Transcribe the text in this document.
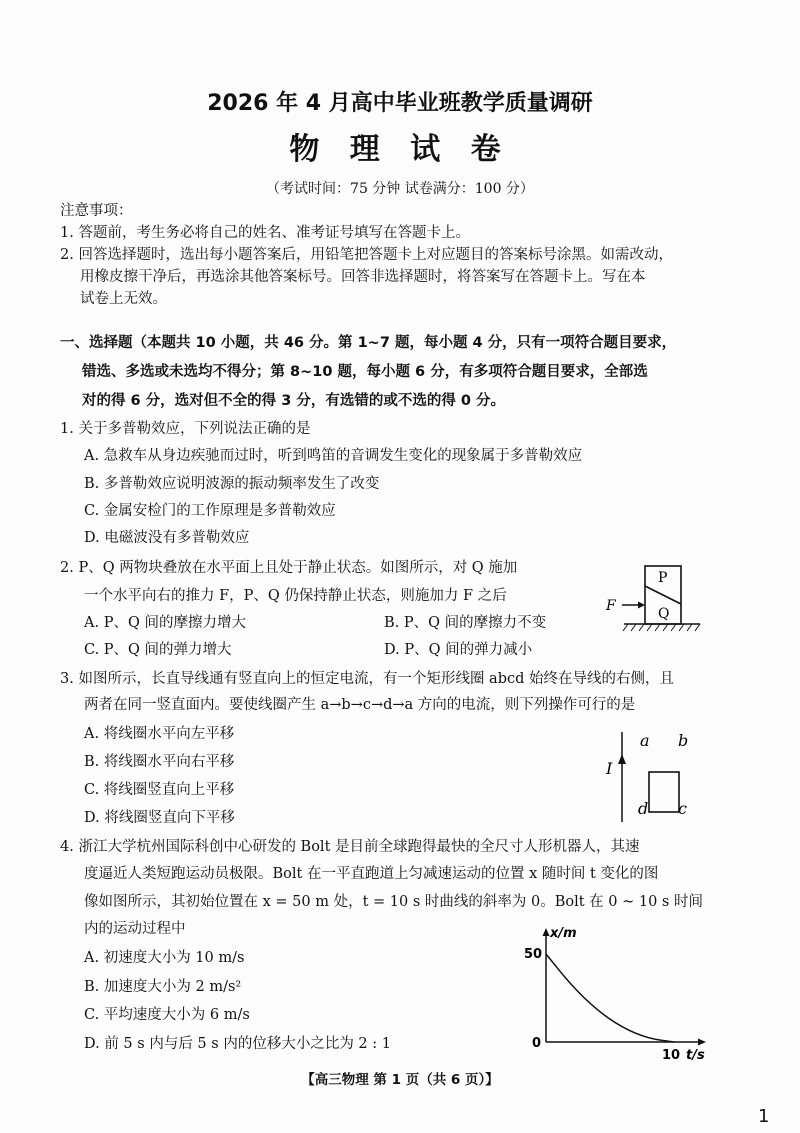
2026 年 4 月高中毕业班教学质量调研
物 理 试 卷
（考试时间：75 分钟 试卷满分：100 分）
注意事项：
1. 答题前，考生务必将自己的姓名、准考证号填写在答题卡上。
2. 回答选择题时，选出每小题答案后，用铅笔把答题卡上对应题目的答案标号涂黑。如需改动，
用橡皮擦干净后，再选涂其他答案标号。回答非选择题时，将答案写在答题卡上。写在本
试卷上无效。
一、选择题（本题共 10 小题，共 46 分。第 1~7 题，每小题 4 分，只有一项符合题目要求，
错选、多选或未选均不得分；第 8~10 题，每小题 6 分，有多项符合题目要求，全部选
对的得 6 分，选对但不全的得 3 分，有选错的或不选的得 0 分。
1. 关于多普勒效应，下列说法正确的是
A. 急救车从身边疾驰而过时，听到鸣笛的音调发生变化的现象属于多普勒效应
B. 多普勒效应说明波源的振动频率发生了改变
C. 金属安检门的工作原理是多普勒效应
D. 电磁波没有多普勒效应
2. P、Q 两物块叠放在水平面上且处于静止状态。如图所示，对 Q 施加
一个水平向右的推力 F，P、Q 仍保持静止状态，则施加力 F 之后
A. P、Q 间的摩擦力增大	B. P、Q 间的摩擦力不变
C. P、Q 间的弹力增大	D. P、Q 间的弹力减小
P
Q
F
3. 如图所示，长直导线通有竖直向上的恒定电流，有一个矩形线圈 abcd 始终在导线的右侧，且
两者在同一竖直面内。要使线圈产生 a→b→c→d→a 方向的电流，则下列操作可行的是
A. 将线圈水平向左平移
B. 将线圈水平向右平移
C. 将线圈竖直向上平移
D. 将线圈竖直向下平移
I
a b
c
d
4. 浙江大学杭州国际科创中心研发的 Bolt 是目前全球跑得最快的全尺寸人形机器人，其速
度逼近人类短跑运动员极限。Bolt 在一平直跑道上匀减速运动的位置 x 随时间 t 变化的图
像如图所示，其初始位置在 x = 50 m 处，t = 10 s 时曲线的斜率为 0。Bolt 在 0 ~ 10 s 时间
内的运动过程中
A. 初速度大小为 10 m/s
B. 加速度大小为 2 m/s²
C. 平均速度大小为 6 m/s
D. 前 5 s 内与后 5 s 内的位移大小之比为 2 : 1
x/m
t/s
0
10
50
【高三物理 第 1 页（共 6 页）】
1
